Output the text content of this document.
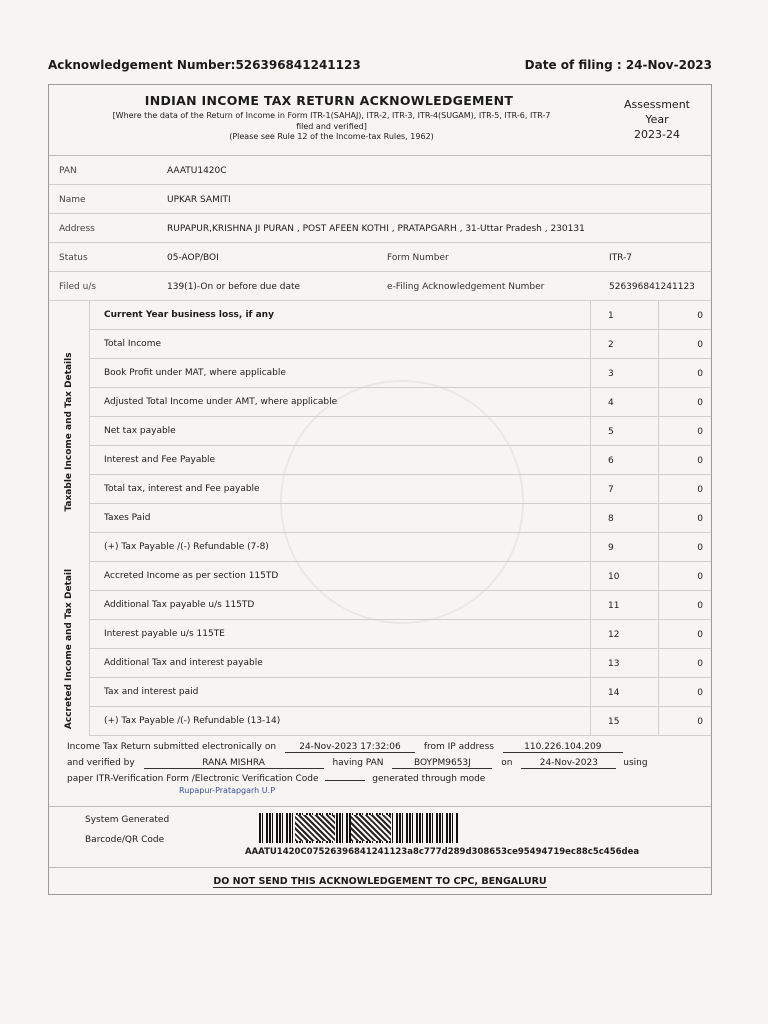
Acknowledgement Number:526396841241123	Date of filing : 24-Nov-2023
INDIAN INCOME TAX RETURN ACKNOWLEDGEMENT
[Where the data of the Return of Income in Form ITR-1(SAHAJ), ITR-2, ITR-3, ITR-4(SUGAM), ITR-5, ITR-6, ITR-7
filed and verified]
(Please see Rule 12 of the Income-tax Rules, 1962)
Assessment Year
2023-24
PAN	AAATU1420C
Name	UPKAR SAMITI
Address	RUPAPUR,KRISHNA JI PURAN , POST AFEEN KOTHI , PRATAPGARH , 31-Uttar Pradesh , 230131
Status	05-AOP/BOI	Form Number	ITR-7
Filed u/s	139(1)-On or before due date	e-Filing Acknowledgement Number	526396841241123
Taxable Income and Tax Details
Current Year business loss, if any	1	0
Total Income	2	0
Book Profit under MAT, where applicable	3	0
Adjusted Total Income under AMT, where applicable	4	0
Net tax payable	5	0
Interest and Fee Payable	6	0
Total tax, interest and Fee payable	7	0
Taxes Paid	8	0
(+) Tax Payable /(-) Refundable (7-8)	9	0
Accreted Income and Tax Detail	Accreted Income as per section 115TD	10	0
Additional Tax payable u/s 115TD	11	0
Interest payable u/s 115TE	12	0
Additional Tax and interest payable	13	0
Tax and interest paid	14	0
(+) Tax Payable /(-) Refundable (13-14)	15	0
Income Tax Return submitted electronically on	24-Nov-2023 17:32:06	from IP address	110.226.104.209
and verified by	RANA MISHRA	having PAN	BOYPM9653J	on	24-Nov-2023	using
paper ITR-Verification Form /Electronic Verification Code	generated through mode
Rupapur-Pratapgarh U.P
System Generated
Barcode/QR Code
AAATU1420C07526396841241123a8c777d289d308653ce95494719ec88c5c456dea
DO NOT SEND THIS ACKNOWLEDGEMENT TO CPC, BENGALURU
